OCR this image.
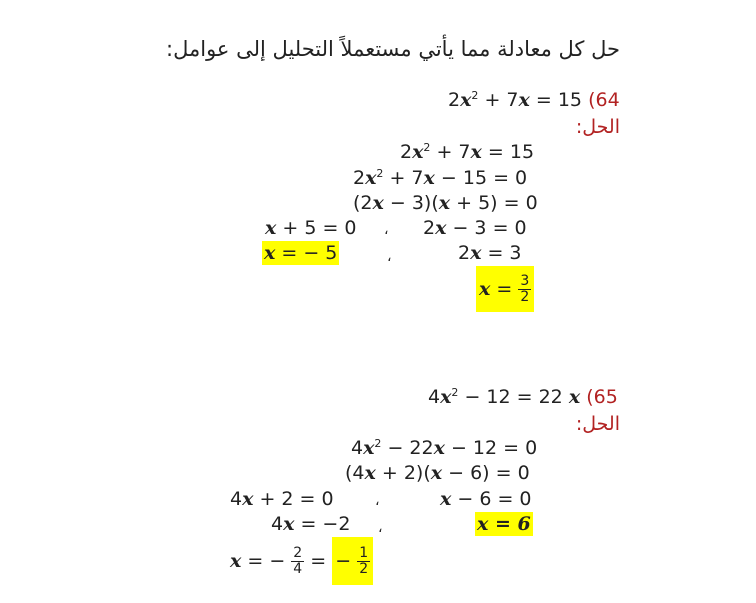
حل كل معادلة مما يأتي مستعملاً التحليل إلى عوامل:
$2x^2 + 7x = 15$ (64
الحل:
$2x^2 + 7x = 15$
$2x^2 + 7x - 15 = 0$
(2x − 3)(x + 5) = 0
x + 5 = 0 ، 2x − 3 = 0
x = − 5	،	2x = 3
$x = \frac{3}{2}$
$4x^2 - 12 = 22$ x (65
الحل:
$4x^2 - 22x - 12 = 0$
(4x + 2)(x − 6) = 0
4x + 2 = 0	،	x − 6 = 0
4x = −2 ،	x = 6
x = − $\frac{2}{4}$ = − $\frac{1}{2}$
